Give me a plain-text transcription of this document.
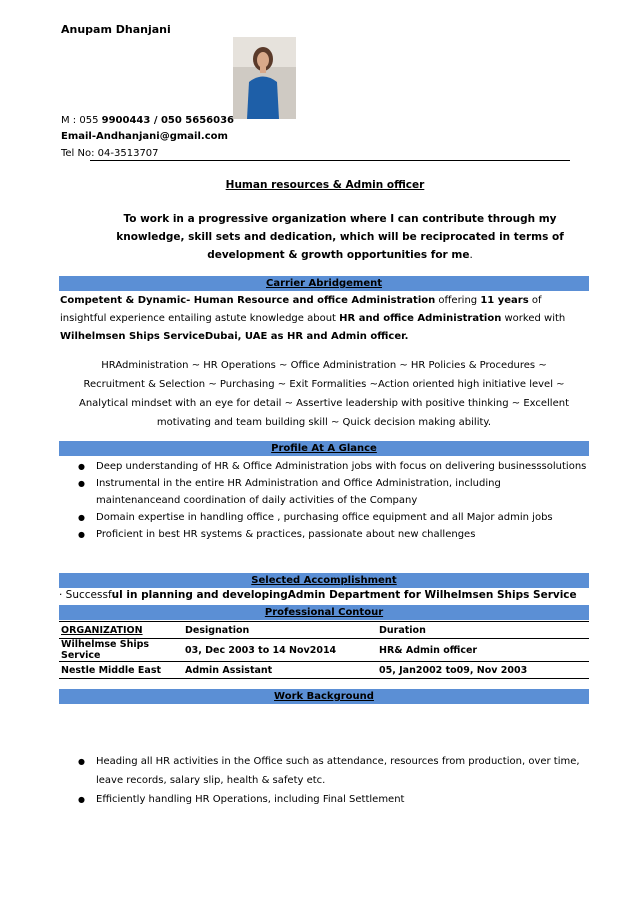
Anupam Dhanjani
M : 055 9900443 / 050 5656036
Email-Andhanjani@gmail.com
Tel No: 04-3513707
Human resources & Admin officer
To work in a progressive organization where I can contribute through my knowledge, skill sets and dedication, which will be reciprocated in terms of development & growth opportunities for me.
Carrier Abridgement
Competent & Dynamic- Human Resource and office Administration offering 11 years of insightful experience entailing astute knowledge about HR and office Administration worked with Wilhelmsen Ships ServiceDubai, UAE as HR and Admin officer.
HRAdministration ~ HR Operations ~ Office Administration ~ HR Policies & Procedures ~ Recruitment & Selection ~ Purchasing ~ Exit Formalities ~Action oriented high initiative level ~ Analytical mindset with an eye for detail ~ Assertive leadership with positive thinking ~ Excellent motivating and team building skill ~ Quick decision making ability.
Profile At A Glance
● Deep understanding of HR & Office Administration jobs with focus on delivering businesssolutions
● Instrumental in the entire HR Administration and Office Administration, including maintenanceand coordination of daily activities of the Company
● Domain expertise in handling office , purchasing office equipment and all Major admin jobs
● Proficient in best HR systems & practices, passionate about new challenges
Selected Accomplishment
· Successful in planning and developingAdmin Department for Wilhelmsen Ships Service
Professional Contour
ORGANIZATION	Designation	Duration
Wilhelmse Ships Service	03, Dec 2003 to 14 Nov2014	HR& Admin officer
Nestle Middle East	Admin Assistant	05, Jan2002 to09, Nov 2003
Work Background
● Heading all HR activities in the Office such as attendance, resources from production, over time, leave records, salary slip, health & safety etc.
● Efficiently handling HR Operations, including Final Settlement
